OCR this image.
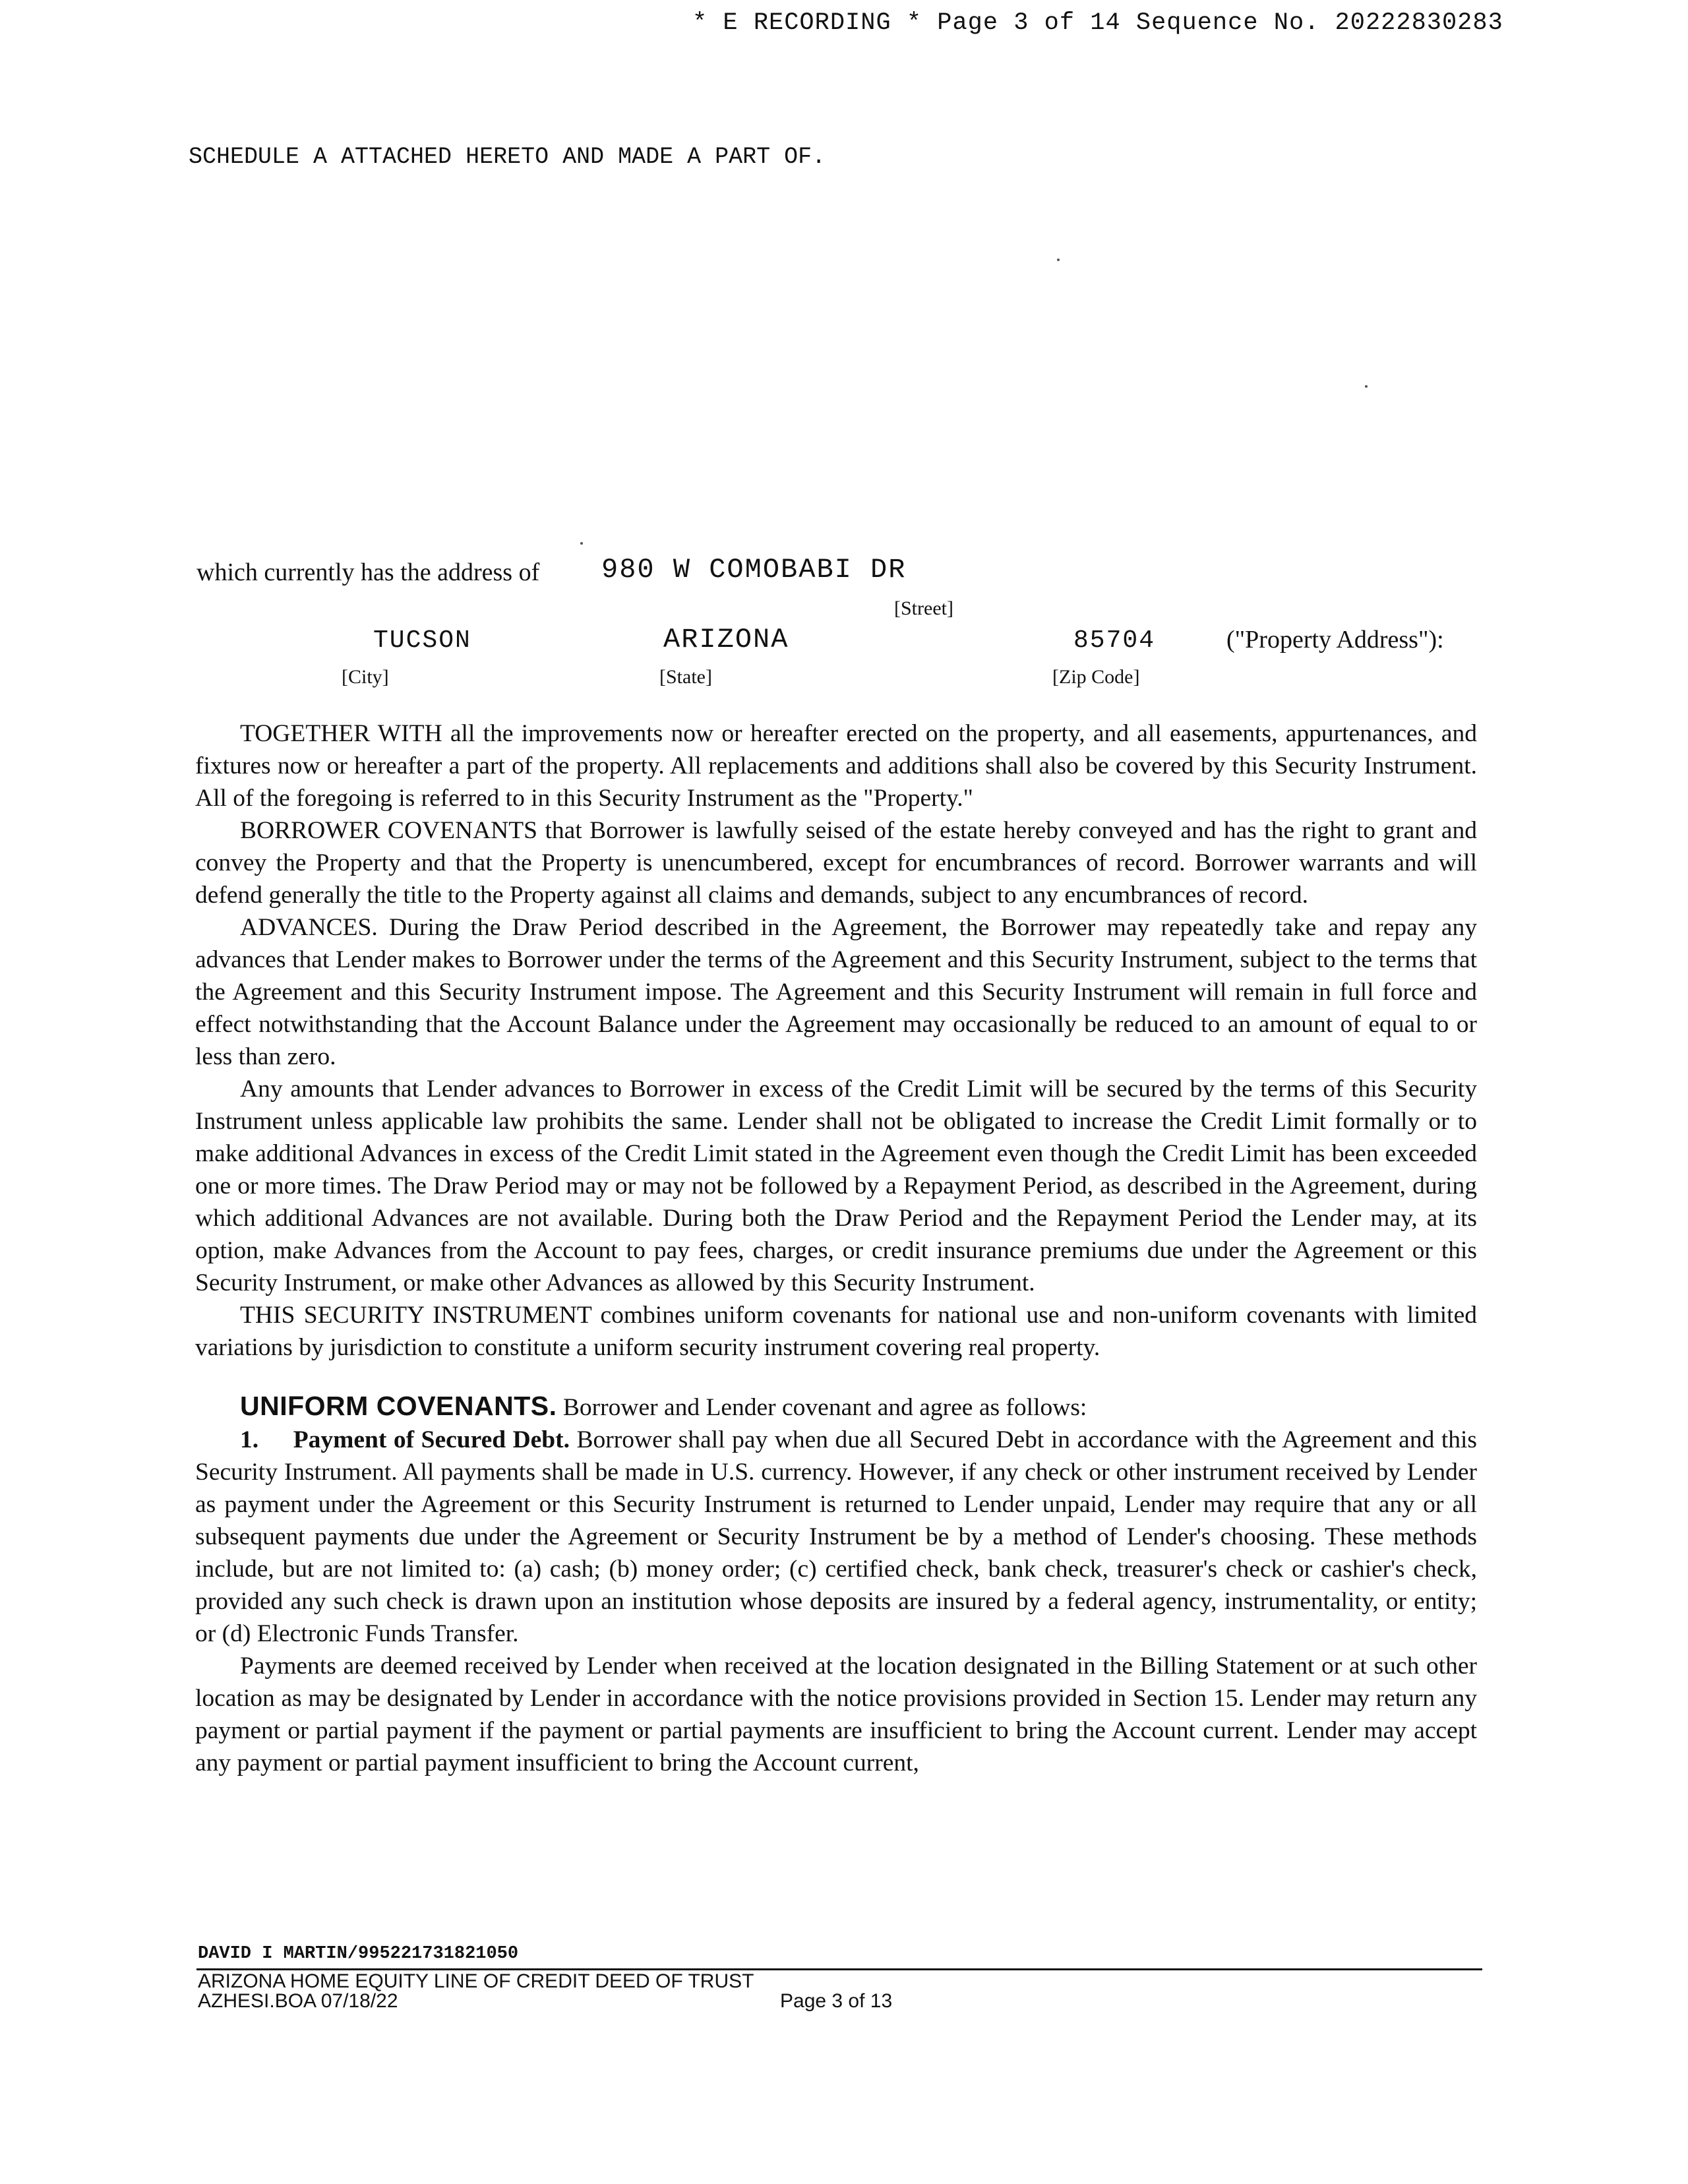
* E RECORDING * Page 3 of 14 Sequence No. 20222830283
SCHEDULE A ATTACHED HERETO AND MADE A PART OF.
which currently has the address of 980 W COMOBABI DR
[Street]
TUCSON	ARIZONA	85704	("Property Address"):
[City]	[State]	[Zip Code]

TOGETHER WITH all the improvements now or hereafter erected on the property, and all easements, appurtenances, and fixtures now or hereafter a part of the property. All replacements and additions shall also be covered by this Security Instrument. All of the foregoing is referred to in this Security Instrument as the "Property."

BORROWER COVENANTS that Borrower is lawfully seised of the estate hereby conveyed and has the right to grant and convey the Property and that the Property is unencumbered, except for encumbrances of record. Borrower warrants and will defend generally the title to the Property against all claims and demands, subject to any encumbrances of record.

ADVANCES. During the Draw Period described in the Agreement, the Borrower may repeatedly take and repay any advances that Lender makes to Borrower under the terms of the Agreement and this Security Instrument, subject to the terms that the Agreement and this Security Instrument impose. The Agreement and this Security Instrument will remain in full force and effect notwithstanding that the Account Balance under the Agreement may occasionally be reduced to an amount of equal to or less than zero.

Any amounts that Lender advances to Borrower in excess of the Credit Limit will be secured by the terms of this Security Instrument unless applicable law prohibits the same. Lender shall not be obligated to increase the Credit Limit formally or to make additional Advances in excess of the Credit Limit stated in the Agreement even though the Credit Limit has been exceeded one or more times. The Draw Period may or may not be followed by a Repayment Period, as described in the Agreement, during which additional Advances are not available. During both the Draw Period and the Repayment Period the Lender may, at its option, make Advances from the Account to pay fees, charges, or credit insurance premiums due under the Agreement or this Security Instrument, or make other Advances as allowed by this Security Instrument.

THIS SECURITY INSTRUMENT combines uniform covenants for national use and non-uniform covenants with limited variations by jurisdiction to constitute a uniform security instrument covering real property.

UNIFORM COVENANTS. Borrower and Lender covenant and agree as follows:

1. Payment of Secured Debt. Borrower shall pay when due all Secured Debt in accordance with the Agreement and this Security Instrument. All payments shall be made in U.S. currency. However, if any check or other instrument received by Lender as payment under the Agreement or this Security Instrument is returned to Lender unpaid, Lender may require that any or all subsequent payments due under the Agreement or Security Instrument be by a method of Lender's choosing. These methods include, but are not limited to: (a) cash; (b) money order; (c) certified check, bank check, treasurer's check or cashier's check, provided any such check is drawn upon an institution whose deposits are insured by a federal agency, instrumentality, or entity; or (d) Electronic Funds Transfer.

Payments are deemed received by Lender when received at the location designated in the Billing Statement or at such other location as may be designated by Lender in accordance with the notice provisions provided in Section 15. Lender may return any payment or partial payment if the payment or partial payments are insufficient to bring the Account current. Lender may accept any payment or partial payment insufficient to bring the Account current,

DAVID I MARTIN/995221731821050
ARIZONA HOME EQUITY LINE OF CREDIT DEED OF TRUST
AZHESI.BOA 07/18/22	Page 3 of 13
